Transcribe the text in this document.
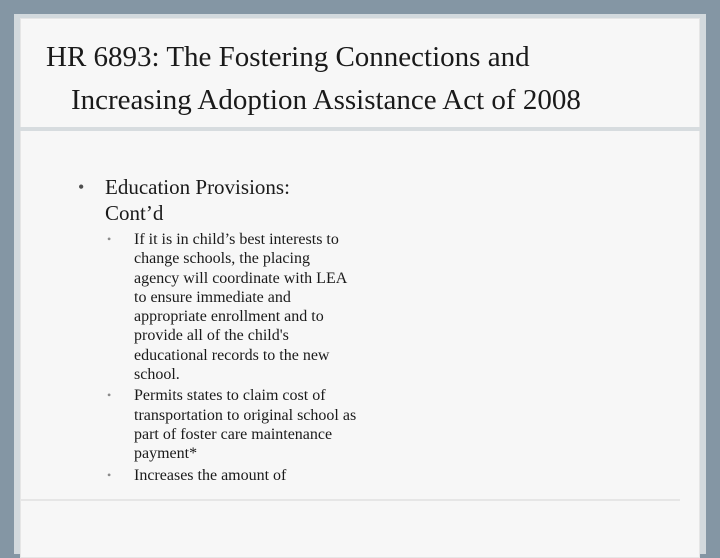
HR 6893: The Fostering Connections and
Increasing Adoption Assistance Act of 2008
• Education Provisions:
Cont’d
• If it is in child’s best interests to change schools, the placing agency will coordinate with LEA to ensure immediate and appropriate enrollment and to provide all of the child's educational records to the new school.
• Permits states to claim cost of transportation to original school as part of foster care maintenance payment*
• Increases the amount of
